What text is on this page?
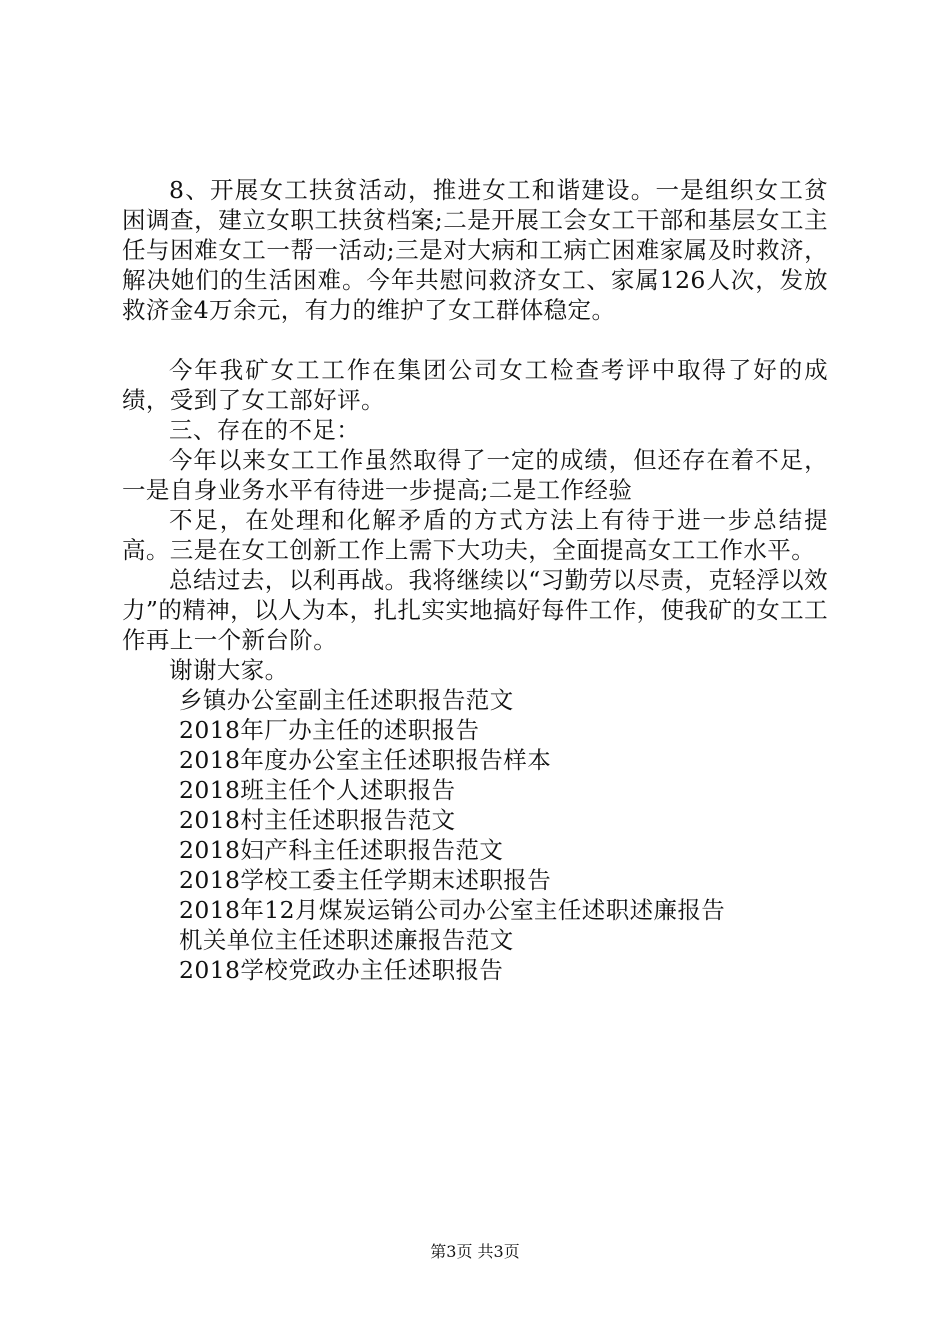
8、开展女工扶贫活动，推进女工和谐建设。一是组织女工贫困调查，建立女职工扶贫档案;二是开展工会女工干部和基层女工主任与困难女工一帮一活动;三是对大病和工病亡困难家属及时救济，解决她们的生活困难。今年共慰问救济女工、家属126人次，发放救济金4万余元，有力的维护了女工群体稳定。

今年我矿女工工作在集团公司女工检查考评中取得了好的成绩，受到了女工部好评。

三、存在的不足：

今年以来女工工作虽然取得了一定的成绩，但还存在着不足，一是自身业务水平有待进一步提高;二是工作经验

不足，在处理和化解矛盾的方式方法上有待于进一步总结提高。三是在女工创新工作上需下大功夫，全面提高女工工作水平。

总结过去，以利再战。我将继续以“习勤劳以尽责，克轻浮以效力”的精神，以人为本，扎扎实实地搞好每件工作，使我矿的女工工作再上一个新台阶。

谢谢大家。

乡镇办公室副主任述职报告范文
2018年厂办主任的述职报告
2018年度办公室主任述职报告样本
2018班主任个人述职报告
2018村主任述职报告范文
2018妇产科主任述职报告范文
2018学校工委主任学期末述职报告
2018年12月煤炭运销公司办公室主任述职述廉报告
机关单位主任述职述廉报告范文
2018学校党政办主任述职报告
第3页 共3页
